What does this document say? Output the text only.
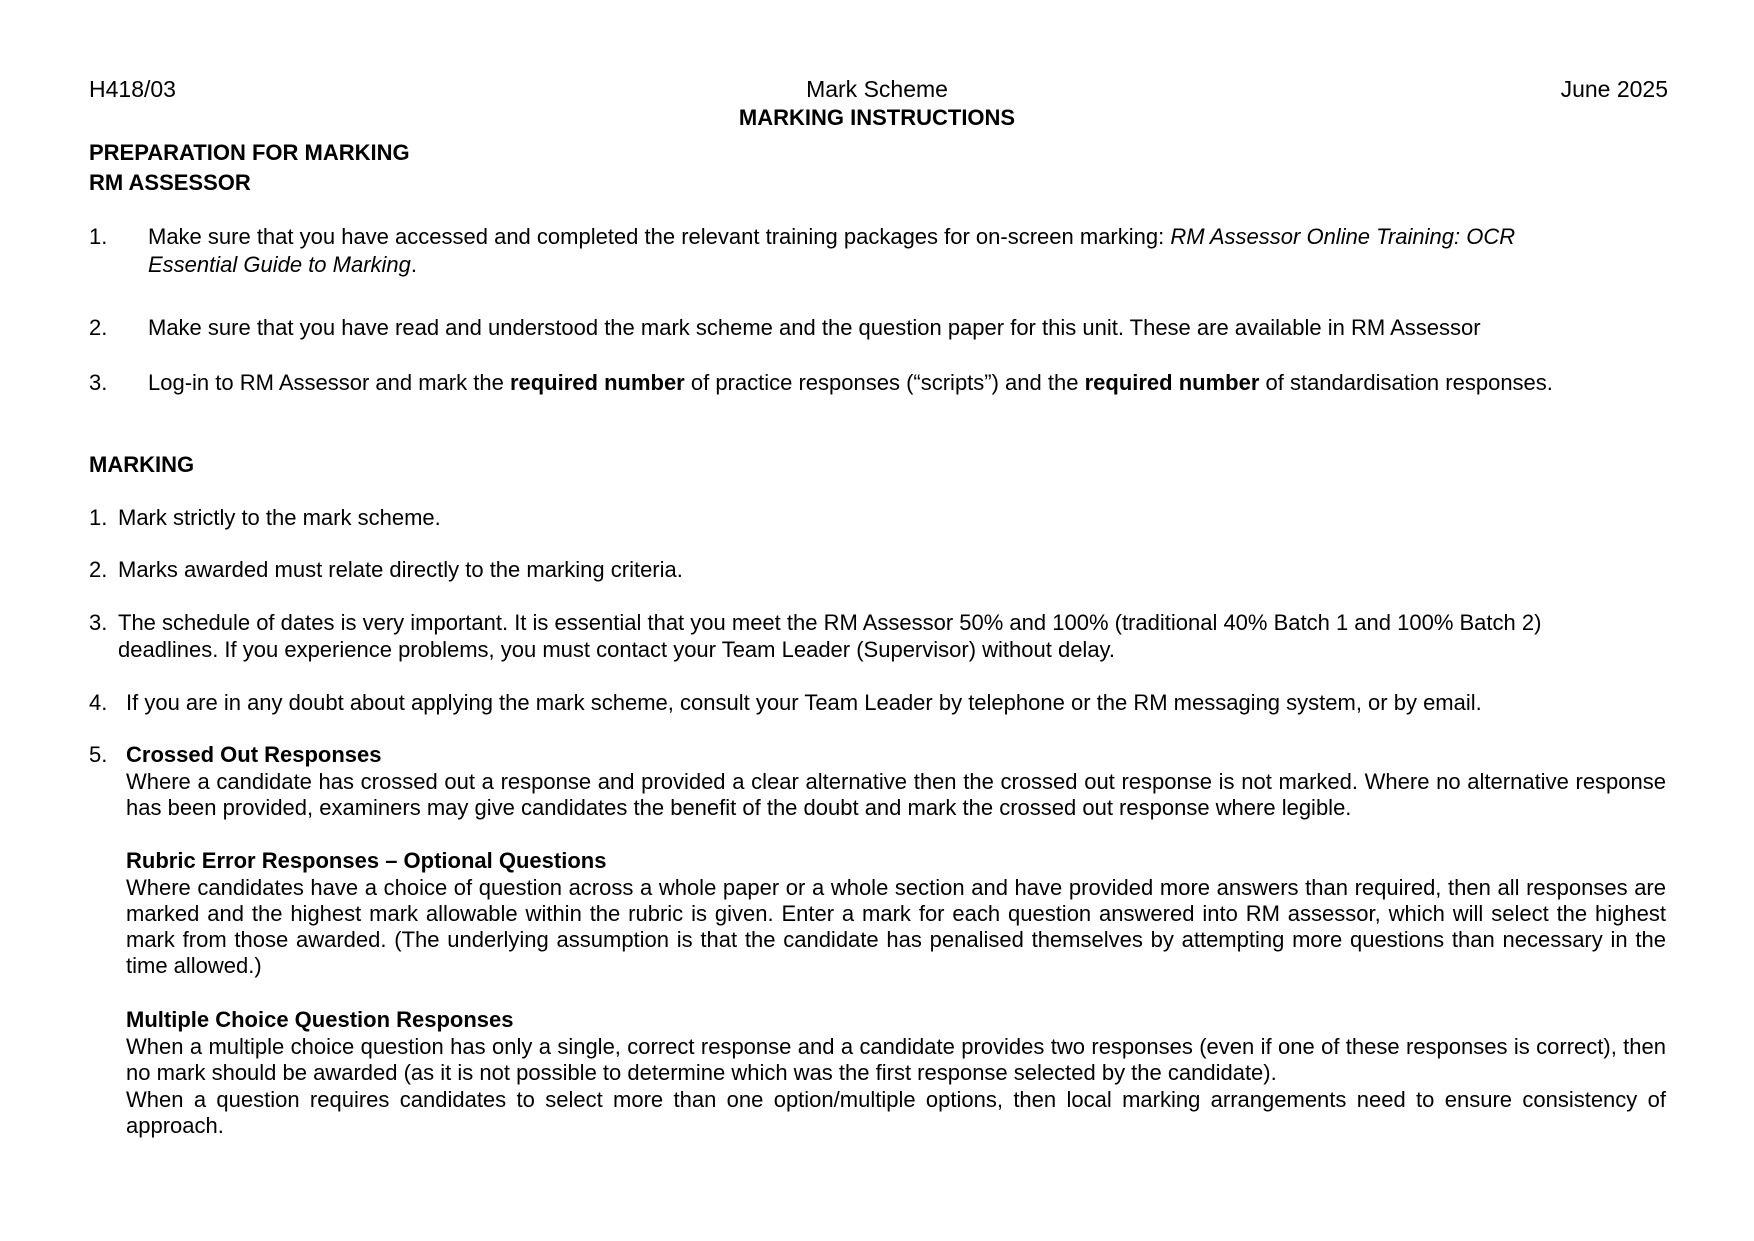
H418/03	Mark Scheme	June 2025
MARKING INSTRUCTIONS
PREPARATION FOR MARKING
RM ASSESSOR
1. Make sure that you have accessed and completed the relevant training packages for on-screen marking: RM Assessor Online Training: OCR
Essential Guide to Marking.
2. Make sure that you have read and understood the mark scheme and the question paper for this unit. These are available in RM Assessor
3. Log-in to RM Assessor and mark the required number of practice responses (“scripts”) and the required number of standardisation responses.
MARKING
1. Mark strictly to the mark scheme.
2. Marks awarded must relate directly to the marking criteria.
3. The schedule of dates is very important. It is essential that you meet the RM Assessor 50% and 100% (traditional 40% Batch 1 and 100% Batch 2)
deadlines. If you experience problems, you must contact your Team Leader (Supervisor) without delay.
4. If you are in any doubt about applying the mark scheme, consult your Team Leader by telephone or the RM messaging system, or by email.
5. Crossed Out Responses
Where a candidate has crossed out a response and provided a clear alternative then the crossed out response is not marked. Where no alternative response has been provided, examiners may give candidates the benefit of the doubt and mark the crossed out response where legible.
Rubric Error Responses – Optional Questions
Where candidates have a choice of question across a whole paper or a whole section and have provided more answers than required, then all responses are marked and the highest mark allowable within the rubric is given. Enter a mark for each question answered into RM assessor, which will select the highest mark from those awarded. (The underlying assumption is that the candidate has penalised themselves by attempting more questions than necessary in the time allowed.)
Multiple Choice Question Responses
When a multiple choice question has only a single, correct response and a candidate provides two responses (even if one of these responses is correct), then no mark should be awarded (as it is not possible to determine which was the first response selected by the candidate).
When a question requires candidates to select more than one option/multiple options, then local marking arrangements need to ensure consistency of approach.
